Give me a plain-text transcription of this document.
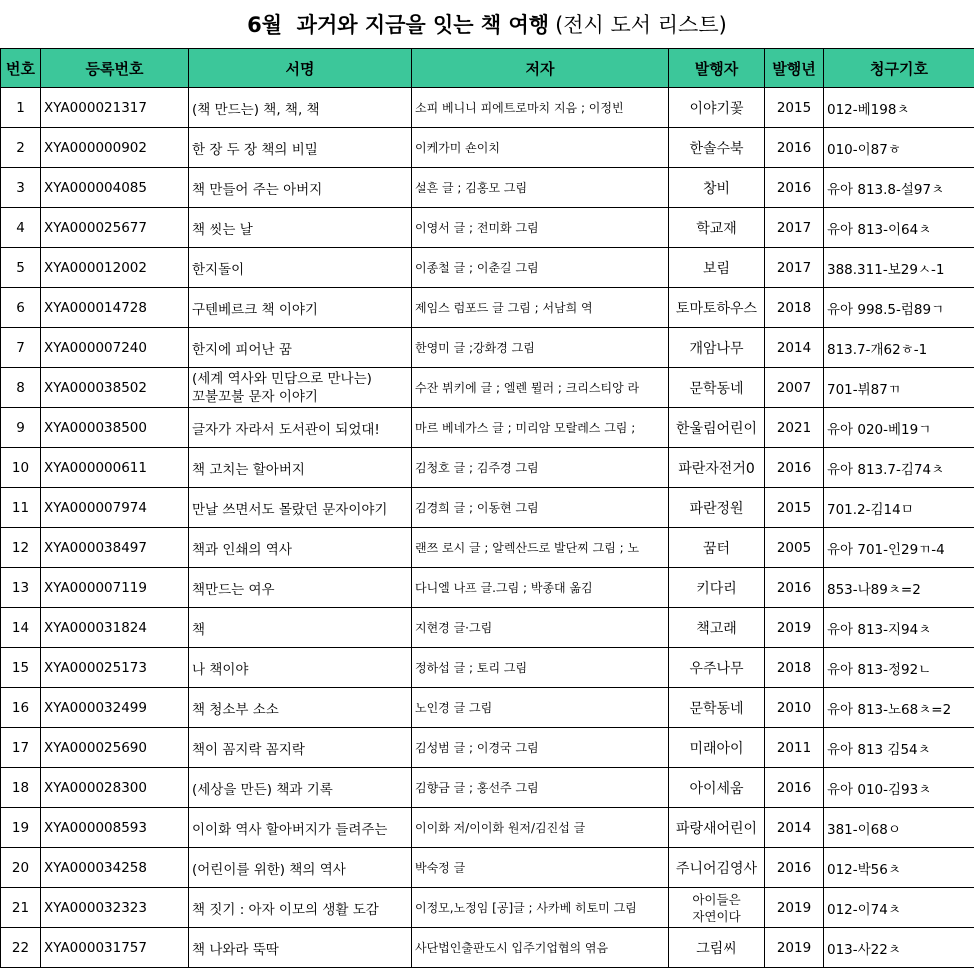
6월  과거와 지금을 잇는 책 여행 (전시 도서 리스트)
번호	등록번호	서명	저자	발행자	발행년	청구기호
1	XYA000021317	(책 만드는) 책, 책, 책	소피 베니니 피에트로마치 지음 ; 이정빈	이야기꽃	2015	012-베198ㅊ
2	XYA000000902	한 장 두 장 책의 비밀	이케가미 숀이치	한솔수북	2016	010-이87ㅎ
3	XYA000004085	책 만들어 주는 아버지	설흔 글 ; 김홍모 그림	창비	2016	유아 813.8-설97ㅊ
4	XYA000025677	책 씻는 날	이영서 글 ; 전미화 그림	학교재	2017	유아 813-이64ㅊ
5	XYA000012002	한지돌이	이종철 글 ; 이춘길 그림	보림	2017	388.311-보29ㅅ-1
6	XYA000014728	구텐베르크 책 이야기	제임스 럼포드 글 그림 ; 서남희 역	토마토하우스	2018	유아 998.5-럼89ㄱ
7	XYA000007240	한지에 피어난 꿈	한영미 글 ;강화경 그림	개암나무	2014	813.7-개62ㅎ-1
8	XYA000038502	(세계 역사와 민담으로 만나는)
꼬불꼬불 문자 이야기	수잔 뷔키에 글 ; 엘렌 뮐러 ; 크리스티앙 라	문학동네	2007	701-뷔87ㄲ
9	XYA000038500	글자가 자라서 도서관이 되었대!	마르 베네가스 글 ; 미리암 모랄레스 그림 ;	한울림어린이	2021	유아 020-베19ㄱ
10	XYA000000611	책 고치는 할아버지	김청호 글 ; 김주경 그림	파란자전거0	2016	유아 813.7-김74ㅊ
11	XYA000007974	만날 쓰면서도 몰랐던 문자이야기	김경희 글 ; 이동현 그림	파란정원	2015	701.2-김14ㅁ
12	XYA000038497	책과 인쇄의 역사	랜쯔 로시 글 ; 알렉산드로 발단찌 그림 ; 노	꿈터	2005	유아 701-인29ㄲ-4
13	XYA000007119	책만드는 여우	다니엘 나프 글.그림 ; 박종대 옮김	키다리	2016	853-나89ㅊ=2
14	XYA000031824	책	지현경 글·그림	책고래	2019	유아 813-지94ㅊ
15	XYA000025173	나 책이야	정하섭 글 ; 토리 그림	우주나무	2018	유아 813-정92ㄴ
16	XYA000032499	책 청소부 소소	노인경 글 그림	문학동네	2010	유아 813-노68ㅊ=2
17	XYA000025690	책이 꼼지락 꼼지락	김성범 글 ; 이경국 그림	미래아이	2011	유아 813 김54ㅊ
18	XYA000028300	(세상을 만든) 책과 기록	김향금 글 ; 홍선주 그림	아이세움	2016	유아 010-김93ㅊ
19	XYA000008593	이이화 역사 할아버지가 들려주는	이이화 저/이이화 원저/김진섭 글	파랑새어린이	2014	381-이68ㅇ
20	XYA000034258	(어린이를 위한) 책의 역사	박숙정 글	주니어김영사	2016	012-박56ㅊ
21	XYA000032323	책 짓기 : 아자 이모의 생활 도감	이정모,노정임 [공]글 ; 사카베 히토미 그림	아이들은
자연이다	2019	012-이74ㅊ
22	XYA000031757	책 나와라 뚝딱	사단법인출판도시 입주기업협의 엮음	그림씨	2019	013-사22ㅊ
